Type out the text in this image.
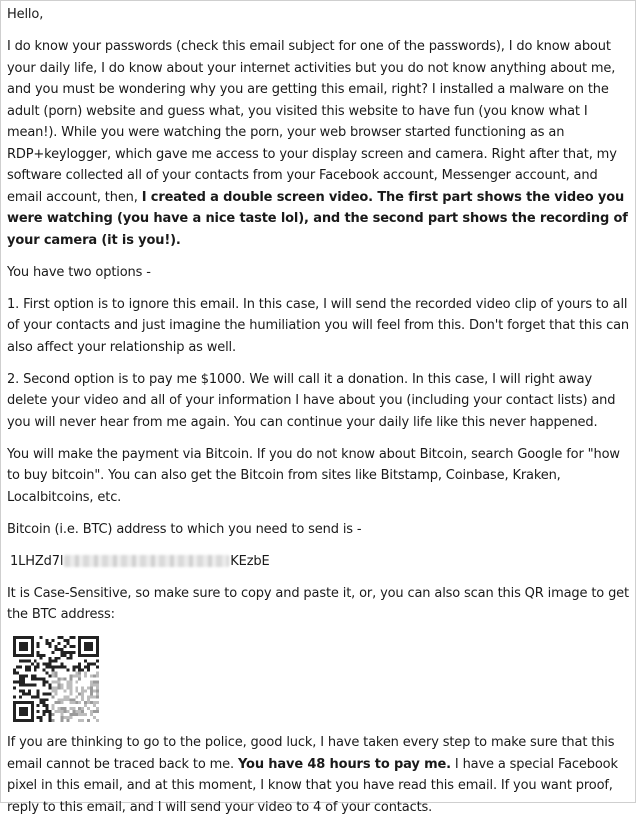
Hello,

I do know your passwords (check this email subject for one of the passwords), I do know about your daily life, I do know about your internet activities but you do not know anything about me, and you must be wondering why you are getting this email, right? I installed a malware on the adult (porn) website and guess what, you visited this website to have fun (you know what I mean!). While you were watching the porn, your web browser started functioning as an RDP+keylogger, which gave me access to your display screen and camera. Right after that, my software collected all of your contacts from your Facebook account, Messenger account, and email account, then, I created a double screen video. The first part shows the video you were watching (you have a nice taste lol), and the second part shows the recording of your camera (it is you!).

You have two options -

1. First option is to ignore this email. In this case, I will send the recorded video clip of yours to all of your contacts and just imagine the humiliation you will feel from this. Don't forget that this can also affect your relationship as well.

2. Second option is to pay me $1000. We will call it a donation. In this case, I will right away delete your video and all of your information I have about you (including your contact lists) and you will never hear from me again. You can continue your daily life like this never happened.

You will make the payment via Bitcoin. If you do not know about Bitcoin, search Google for "how to buy bitcoin". You can also get the Bitcoin from sites like Bitstamp, Coinbase, Kraken, Localbitcoins, etc.

Bitcoin (i.e. BTC) address to which you need to send is -

1LHZd7l	KEzbE

It is Case-Sensitive, so make sure to copy and paste it, or, you can also scan this QR image to get the BTC address:

If you are thinking to go to the police, good luck, I have taken every step to make sure that this email cannot be traced back to me. You have 48 hours to pay me. I have a special Facebook pixel in this email, and at this moment, I know that you have read this email. If you want proof, reply to this email, and I will send your video to 4 of your contacts.
